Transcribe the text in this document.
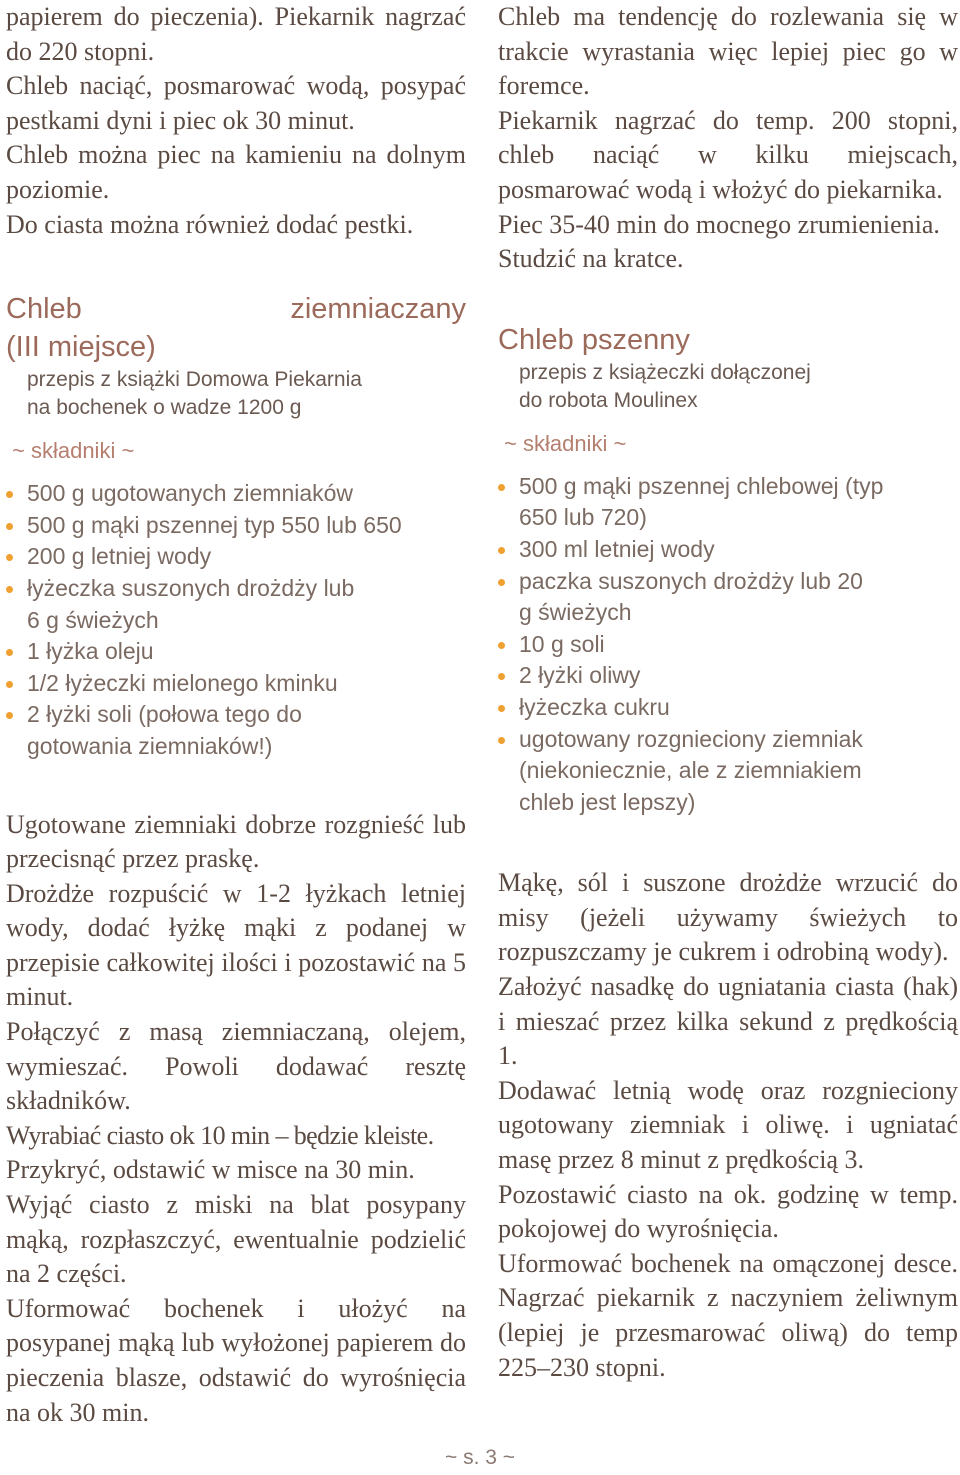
papierem do pieczenia). Piekarnik nagrzać do 220 stopni.

Chleb naciąć, posmarować wodą, posypać pestkami dyni i piec ok 30 minut.

Chleb można piec na kamieniu na dolnym poziomie.

Do ciasta można również dodać pestki.

Chleb	ziemniaczany
(III miejsce)

przepis z książki Domowa Piekarnia

na bochenek o wadze 1200 g

~ składniki ~

500 g ugotowanych ziemniaków
500 g mąki pszennej typ 550 lub 650
200 g letniej wody
łyżeczka suszonych drożdży lub 6 g świeżych
1 łyżka oleju
1/2 łyżeczki mielonego kminku
2 łyżki soli (połowa tego do gotowania ziemniaków!)

Ugotowane ziemniaki dobrze rozgnieść lub przecisnąć przez praskę.

Drożdże rozpuścić w 1-2 łyżkach letniej wody, dodać łyżkę mąki z podanej w przepisie całkowitej ilości i pozostawić na 5 minut.

Połączyć z masą ziemniaczaną, olejem, wymieszać. Powoli dodawać resztę składników.

Wyrabiać ciasto ok 10 min – będzie kleiste.

Przykryć, odstawić w misce na 30 min.

Wyjąć ciasto z miski na blat posypany mąką, rozpłaszczyć, ewentualnie podzielić na 2 części.

Uformować bochenek i ułożyć na posypanej mąką lub wyłożonej papierem do pieczenia blasze, odstawić do wyrośnięcia na ok 30 min.

Chleb ma tendencję do rozlewania się w trakcie wyrastania więc lepiej piec go w foremce.

Piekarnik nagrzać do temp. 200 stopni, chleb naciąć w kilku miejscach, posmarować wodą i włożyć do piekarnika.

Piec 35-40 min do mocnego zrumienienia.

Studzić na kratce.

Chleb pszenny

przepis z książeczki dołączonej

do robota Moulinex

~ składniki ~

500 g mąki pszennej chlebowej (typ 650 lub 720)
300 ml letniej wody
paczka suszonych drożdży lub 20 g świeżych
10 g soli
2 łyżki oliwy
łyżeczka cukru
ugotowany rozgnieciony ziemniak (niekoniecznie, ale z ziemniakiem chleb jest lepszy)

Mąkę, sól i suszone drożdże wrzucić do misy (jeżeli używamy świeżych to rozpuszczamy je cukrem i odrobiną wody).

Założyć nasadkę do ugniatania ciasta (hak) i mieszać przez kilka sekund z prędkością 1.

Dodawać letnią wodę oraz rozgnieciony ugotowany ziemniak i oliwę. i ugniatać masę przez 8 minut z prędkością 3.

Pozostawić ciasto na ok. godzinę w temp. pokojowej do wyrośnięcia.

Uformować bochenek na omączonej desce. Nagrzać piekarnik z naczyniem żeliwnym (lepiej je przesmarować oliwą) do temp 225–230 stopni.

~ s. 3 ~
